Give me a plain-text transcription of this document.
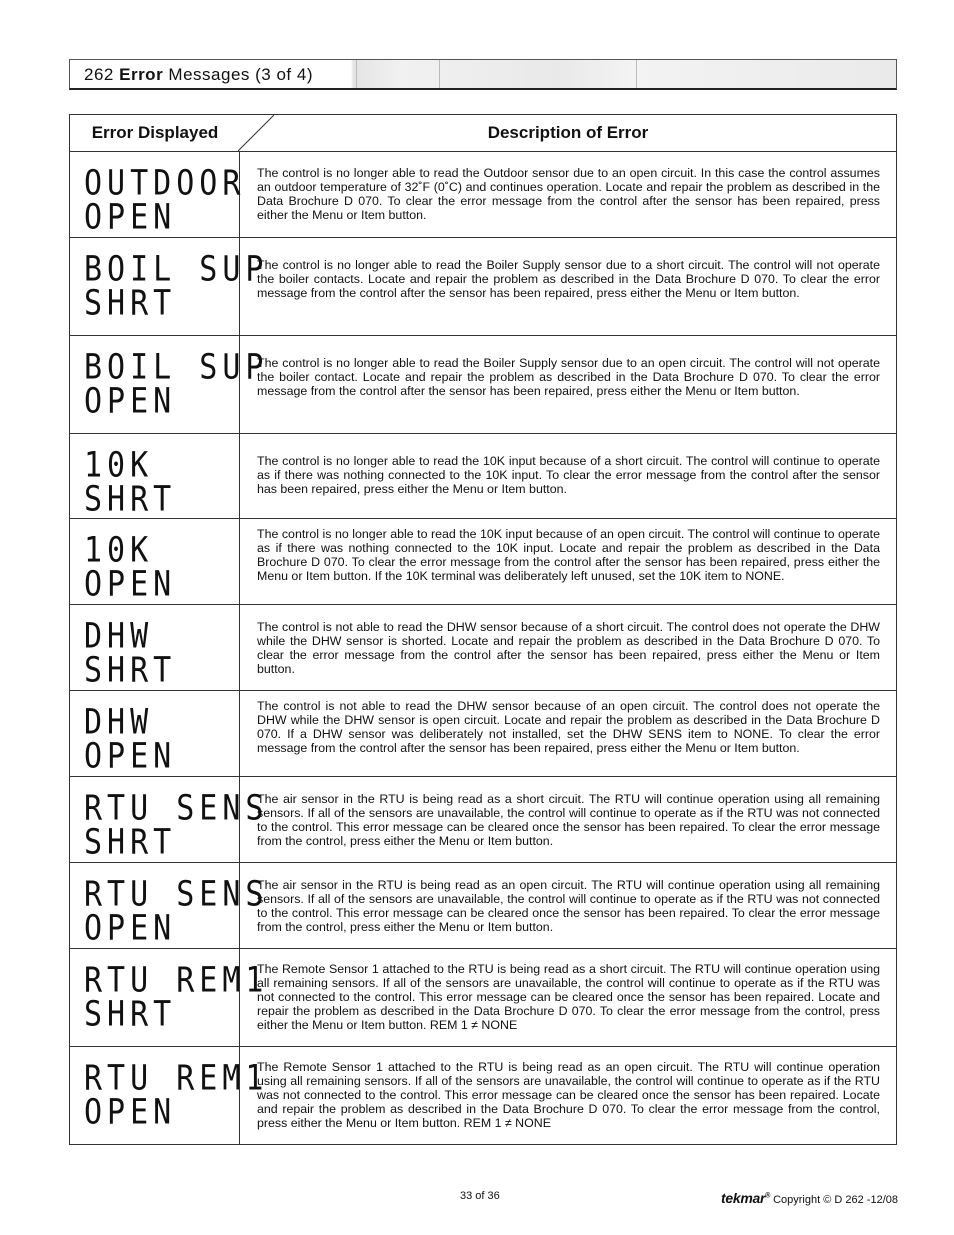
262 Error Messages (3 of 4)
Error Displayed	Description of Error
OUTDOOR
OPEN
The control is no longer able to read the Outdoor sensor due to an open circuit. In this case the control assumes an outdoor temperature of 32˚F (0˚C) and continues operation. Locate and repair the problem as described in the Data Brochure D 070. To clear the error message from the control after the sensor has been repaired, press either the Menu or Item button.
BOIL SUP
SHRT
The control is no longer able to read the Boiler Supply sensor due to a short circuit. The control will not operate the boiler contacts. Locate and repair the problem as described in the Data Brochure D 070. To clear the error message from the control after the sensor has been repaired, press either the Menu or Item button.
BOIL SUP
OPEN
The control is no longer able to read the Boiler Supply sensor due to an open circuit. The control will not operate the boiler contact. Locate and repair the problem as described in the Data Brochure D 070. To clear the error message from the control after the sensor has been repaired, press either the Menu or Item button.
10K
SHRT
The control is no longer able to read the 10K input because of a short circuit. The control will continue to operate as if there was nothing connected to the 10K input. To clear the error message from the control after the sensor has been repaired, press either the Menu or Item button.
10K
OPEN
The control is no longer able to read the 10K input because of an open circuit. The control will continue to operate as if there was nothing connected to the 10K input. Locate and repair the problem as described in the Data Brochure D 070. To clear the error message from the control after the sensor has been repaired, press either the Menu or Item button. If the 10K terminal was deliberately left unused, set the 10K item to NONE.
DHW
SHRT
The control is not able to read the DHW sensor because of a short circuit. The control does not operate the DHW while the DHW sensor is shorted. Locate and repair the problem as described in the Data Brochure D 070. To clear the error message from the control after the sensor has been repaired, press either the Menu or Item button.
DHW
OPEN
The control is not able to read the DHW sensor because of an open circuit. The control does not operate the DHW while the DHW sensor is open circuit. Locate and repair the problem as described in the Data Brochure D 070. If a DHW sensor was deliberately not installed, set the DHW SENS item to NONE. To clear the error message from the control after the sensor has been repaired, press either the Menu or Item button.
RTU SENS
SHRT
The air sensor in the RTU is being read as a short circuit. The RTU will continue operation using all remaining sensors. If all of the sensors are unavailable, the control will continue to operate as if the RTU was not connected to the control. This error message can be cleared once the sensor has been repaired. To clear the error message from the control, press either the Menu or Item button.
RTU SENS
OPEN
The air sensor in the RTU is being read as an open circuit. The RTU will continue operation using all remaining sensors. If all of the sensors are unavailable, the control will continue to operate as if the RTU was not connected to the control. This error message can be cleared once the sensor has been repaired. To clear the error message from the control, press either the Menu or Item button.
RTU REM1
SHRT
The Remote Sensor 1 attached to the RTU is being read as a short circuit. The RTU will continue operation using all remaining sensors. If all of the sensors are unavailable, the control will continue to operate as if the RTU was not connected to the control. This error message can be cleared once the sensor has been repaired. Locate and repair the problem as described in the Data Brochure D 070. To clear the error message from the control, press either the Menu or Item button. REM 1 ≠ NONE
RTU REM1
OPEN
The Remote Sensor 1 attached to the RTU is being read as an open circuit. The RTU will continue operation using all remaining sensors. If all of the sensors are unavailable, the control will continue to operate as if the RTU was not connected to the control. This error message can be cleared once the sensor has been repaired. Locate and repair the problem as described in the Data Brochure D 070. To clear the error message from the control, press either the Menu or Item button. REM 1 ≠ NONE
33 of 36	tekmar® Copyright © D 262 -12/08
